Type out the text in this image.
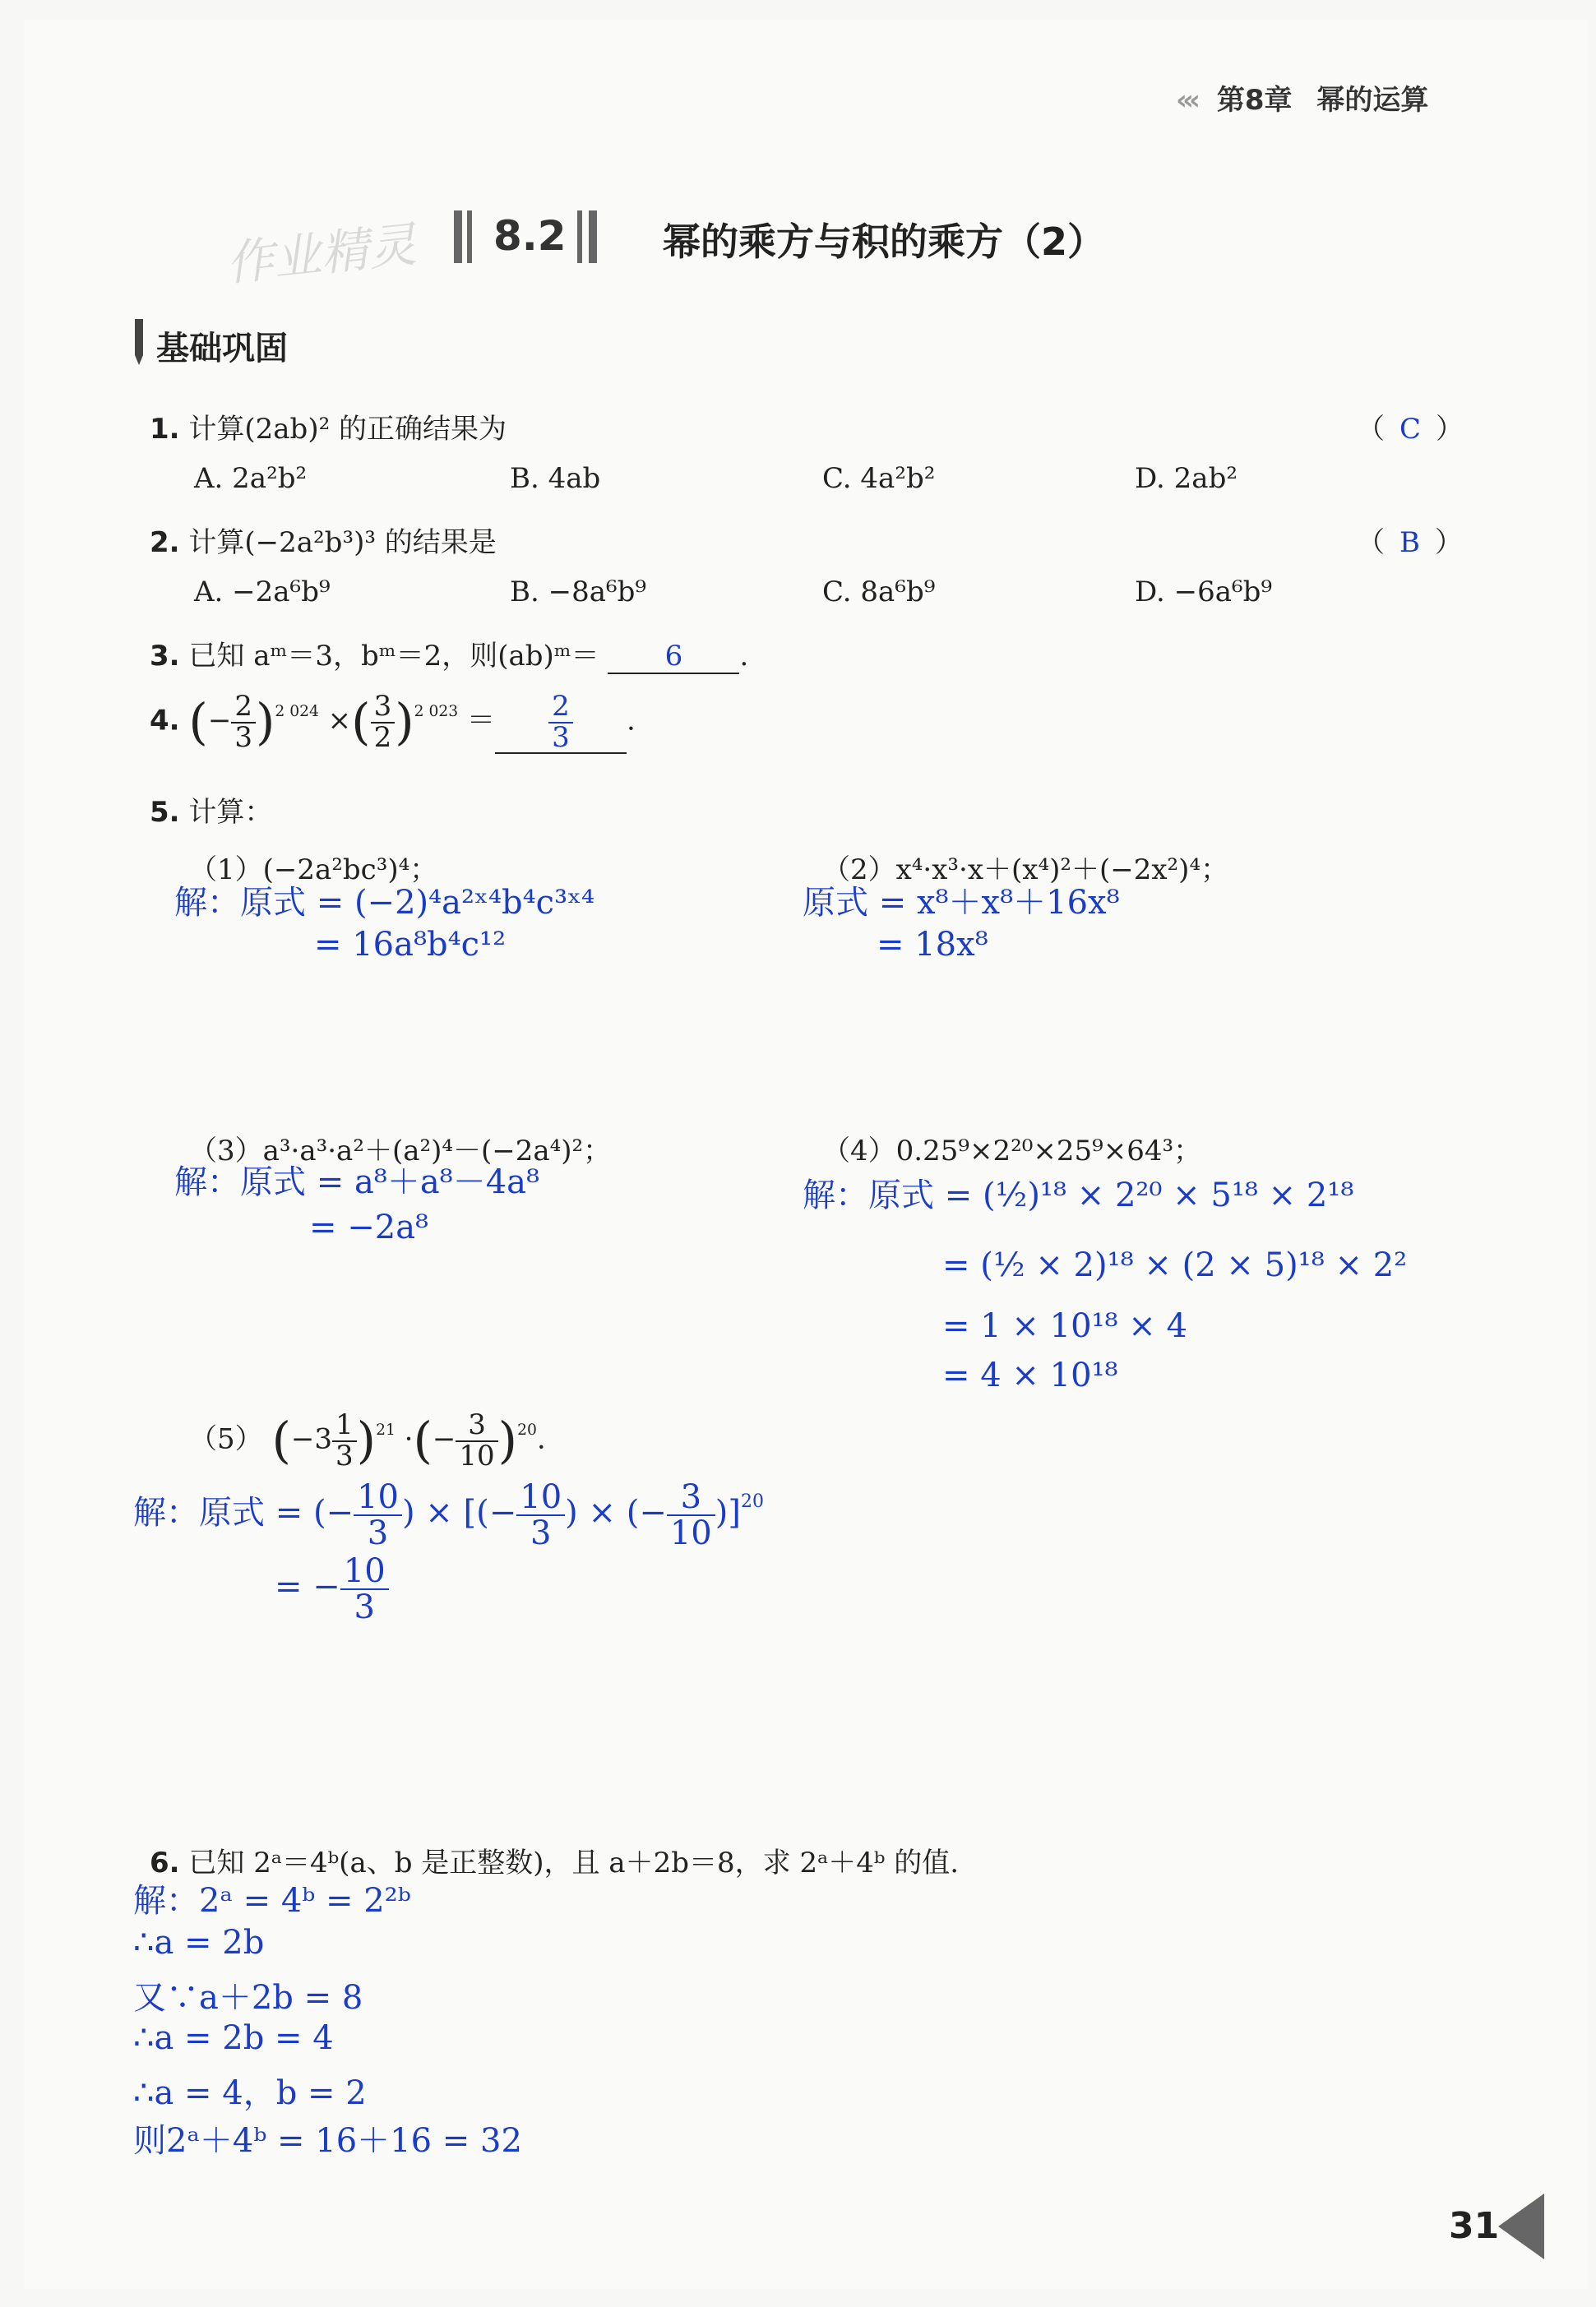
‹‹‹ 第8章 幂的运算
作业精灵 8.2	幂的乘方与积的乘方（2）
基础巩固
1. 计算(2ab)² 的正确结果为	（ C ）
A. 2a²b²	B. 4ab	C. 4a²b²	D. 2ab²
2. 计算(−2a²b³)³ 的结果是	（ B ）
A. −2a⁶b⁹	B. −8a⁶b⁹	C. 8a⁶b⁹	D. −6a⁶b⁹
3. 已知 aᵐ＝3，bᵐ＝2，则(ab)ᵐ＝ 6 .
4. (− $\frac{2}{3} )^{2 024}$ ×( $\frac{3}{2} )^{2 023} = \frac{2}{3}$ .
5. 计算：
（1）(−2a²bc³)⁴；
解：原式 = (−2)⁴a²ˣ⁴b⁴c³ˣ⁴
= 16a⁸b⁴c¹²
（2）x⁴·x³·x＋(x⁴)²＋(−2x²)⁴；
原式 = x⁸＋x⁸＋16x⁸
= 18x⁸
（3）a³·a³·a²＋(a²)⁴－(−2a⁴)²；
解：原式 = a⁸＋a⁸－4a⁸
= −2a⁸
（4）0.25⁹×2²⁰×25⁹×64³；
解：原式 = (½)¹⁸ × 2²⁰ × 5¹⁸ × 2¹⁸
= (½ × 2)¹⁸ × (2 × 5)¹⁸ × 2²
= 1 × 10¹⁸ × 4
= 4 × 10¹⁸
（5） $(-3 \frac{1}{3} )^{21}$ ·(− $\frac{3}{10} )^{20}$.
解：原式 = (− $\frac{10}{3}$ ) × [(− $\frac{10}{3}$ ) × (− $\frac{3}{10} )]^{20}$
= − $\frac{10}{3}$
6. 已知 2ᵃ＝4ᵇ(a、b 是正整数)，且 a＋2b＝8，求 2ᵃ＋4ᵇ 的值.
解：2ᵃ = 4ᵇ = 2²ᵇ
∴a = 2b
又∵a＋2b = 8
∴a = 2b = 4
∴a = 4，b = 2
则2ᵃ＋4ᵇ = 16＋16 = 32
31
